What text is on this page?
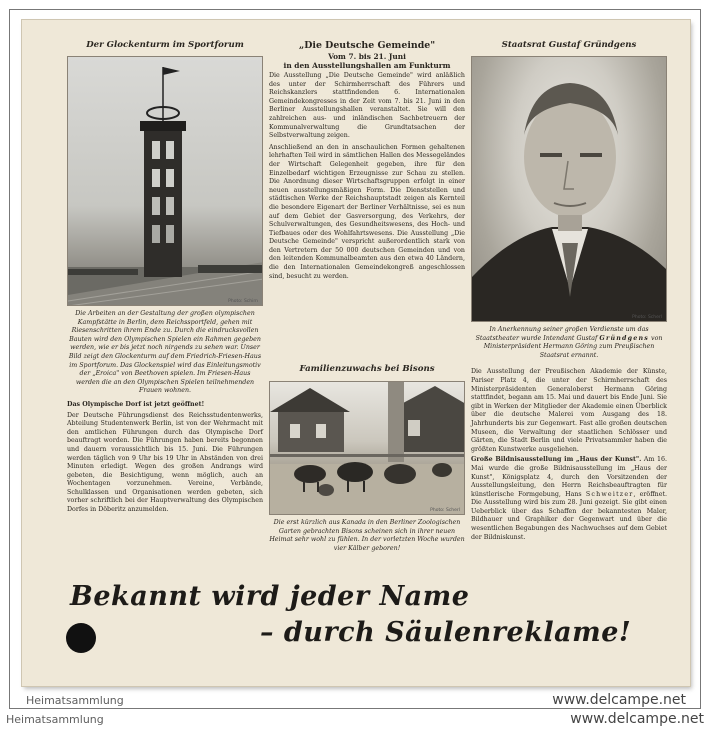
Der Glockenturm im Sportforum
Photo: Schirn
Die Arbeiten an der Gestaltung der großen olympischen Kampfstätte in Berlin, dem Reichssportfeld, gehen mit Riesenschritten ihrem Ende zu. Durch die eindrucksvollen Bauten wird den Olympischen Spielen ein Rahmen gegeben werden, wie er bis jetzt noch nirgends zu sehen war. Unser Bild zeigt den Glockenturm auf dem Friedrich-Friesen-Haus im Sportforum. Das Glockenspiel wird das Einleitungsmotiv der „Eroica" von Beethoven spielen. Im Friesen-Haus werden die an den Olympischen Spielen teilnehmenden Frauen wohnen.
Das Olympische Dorf ist jetzt geöffnet!
Der Deutsche Führungsdienst des Reichsstudentenwerks, Abteilung Studentenwerk Berlin, ist von der Wehrmacht mit den amtlichen Führungen durch das Olympische Dorf beauftragt worden. Die Führungen haben bereits begonnen und dauern voraussichtlich bis 15. Juni. Die Führungen werden täglich von 9 Uhr bis 19 Uhr in Abständen von drei Minuten erledigt. Wegen des großen Andrangs wird gebeten, die Besichtigung, wenn möglich, auch an Wochentagen vorzunehmen. Vereine, Verbände, Schulklassen und Organisationen werden gebeten, sich vorher schriftlich bei der Hauptverwaltung des Olympischen Dorfes in Döberitz anzumelden.
„Die Deutsche Gemeinde"
Vom 7. bis 21. Juni
in den Ausstellungshallen am Funkturm
Die Ausstellung „Die Deutsche Gemeinde" wird anläßlich des unter der Schirmherrschaft des Führers und Reichskanzlers stattfindenden 6. Internationalen Gemeindekongresses in der Zeit vom 7. bis 21. Juni in den Berliner Ausstellungshallen veranstaltet. Sie will den zahlreichen aus- und inländischen Sachbetreuern der Kommunalverwaltung die Grundtatsachen der Selbstverwaltung zeigen.
Anschließend an den in anschaulichen Formen gehaltenen lehrhaften Teil wird in sämtlichen Hallen des Messegeländes der Wirtschaft Gelegenheit gegeben, ihre für den Einzelbedarf wichtigen Erzeugnisse zur Schau zu stellen. Die Anordnung dieser Wirtschaftsgruppen erfolgt in einer neuen ausstellungsmäßigen Form. Die Dienststellen und städtischen Werke der Reichshauptstadt zeigen als Kernteil die besondere Eigenart der Berliner Verhältnisse, sei es nun auf dem Gebiet der Gasversorgung, des Verkehrs, der Schulverwaltungen, des Gesundheitswesens, des Hoch- und Tiefbaues oder des Wohlfahrtswesens. Die Ausstellung „Die Deutsche Gemeinde" verspricht außerordentlich stark von den Vertretern der 50 000 deutschen Gemeinden und von den leitenden Kommunalbeamten aus den etwa 40 Ländern, die den Internationalen Gemeindekongreß angeschlossen sind, besucht zu werden.
Familienzuwachs bei Bisons
Photo: Scherl
Die erst kürzlich aus Kanada in den Berliner Zoologischen Garten gebrachten Bisons scheinen sich in ihrer neuen Heimat sehr wohl zu fühlen. In der vorletzten Woche wurden vier Kälber geboren!
Staatsrat Gustaf Gründgens
Photo: Scherl
In Anerkennung seiner großen Verdienste um das Staatstheater wurde Intendant Gustaf Gründgens von Ministerpräsident Hermann Göring zum Preußischen Staatsrat ernannt.
Die Ausstellung der Preußischen Akademie der Künste, Pariser Platz 4, die unter der Schirmherrschaft des Ministerpräsidenten Generaloberst Hermann Göring stattfindet, begann am 15. Mai und dauert bis Ende Juni. Sie gibt in Werken der Mitglieder der Akademie einen Überblick über die deutsche Malerei vom Ausgang des 18. Jahrhunderts bis zur Gegenwart. Fast alle großen deutschen Museen, die Verwaltung der staatlichen Schlösser und Gärten, die Stadt Berlin und viele Privatsammler haben die größten Kunstwerke ausgeliehen.
Große Bildnisausstellung im „Haus der Kunst". Am 16. Mai wurde die große Bildnisausstellung im „Haus der Kunst", Königsplatz 4, durch den Vorsitzenden der Ausstellungsleitung, den Herrn Reichsbeauftragten für künstlerische Formgebung, Hans Schweitzer, eröffnet. Die Ausstellung wird bis zum 28. Juni gezeigt. Sie gibt einen Ueberblick über das Schaffen der bekanntesten Maler, Bildhauer und Graphiker der Gegenwart und über die wesentlichen Begabungen des Nachwuchses auf dem Gebiet der Bildniskunst.
Bekannt wird jeder Name
– durch Säulenreklame!
Heimatsammlung	www.delcampe.net
Heimatsammlung	www.delcampe.net
